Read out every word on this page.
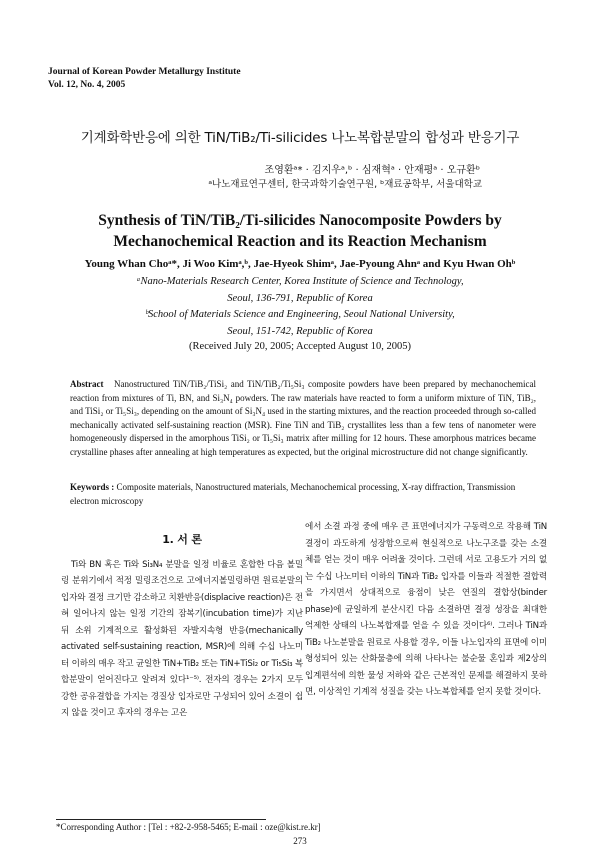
Journal of Korean Powder Metallurgy Institute
Vol. 12, No. 4, 2005
기계화학반응에 의한 TiN/TiB₂/Ti-silicides 나노복합분말의 합성과 반응기구
조영환ᵃ* · 김지우ᵃ,ᵇ · 심재혁ᵃ · 안재평ᵃ · 오규환ᵇ
ᵃ나노재료연구센터, 한국과학기술연구원, ᵇ재료공학부, 서울대학교
Synthesis of TiN/TiB₂/Ti-silicides Nanocomposite Powders by
Mechanochemical Reaction and its Reaction Mechanism
Young Whan Choᵃ*, Ji Woo Kimᵃ,ᵇ, Jae-Hyeok Shimᵃ, Jae-Pyoung Ahnᵃ and Kyu Hwan Ohᵇ
ᵃNano-Materials Research Center, Korea Institute of Science and Technology,
Seoul, 136-791, Republic of Korea
ᵇSchool of Materials Science and Engineering, Seoul National University,
Seoul, 151-742, Republic of Korea
(Received July 20, 2005; Accepted August 10, 2005)
Abstract Nanostructured TiN/TiB₂/TiSi₂ and TiN/TiB₂/Ti₅Si₃ composite powders have been prepared by mechanochemical reaction from mixtures of Ti, BN, and Si₃N₄ powders. The raw materials have reacted to form a uniform mixture of TiN, TiB₂, and TiSi₂ or Ti₅Si₃, depending on the amount of Si₃N₄ used in the starting mixtures, and the reaction proceeded through so-called mechanically activated self-sustaining reaction (MSR). Fine TiN and TiB₂ crystallites less than a few tens of nanometer were homogeneously dispersed in the amorphous TiSi₂ or Ti₅Si₃ matrix after milling for 12 hours. These amorphous matrices became crystalline phases after annealing at high temperatures as expected, but the original microstructure did not change significantly.
Keywords : Composite materials, Nanostructured materials, Mechanochemical processing, X-ray diffraction, Transmission electron microscopy
1. 서 론
Ti와 BN 혹은 Ti와 Si₃N₄ 분말을 일정 비율로 혼합한 다음 볼밀링 분위기에서 적정 밀링조건으로 고에너지볼밀링하면 원료분말의 입자와 결정 크기만 감소하고 치환반응(displacive reaction)은 전혀 일어나지 않는 일정 기간의 잠복기(incubation time)가 지난 뒤 소위 기계적으로 활성화된 자발지속형 반응(mechanically activated self-sustaining reaction, MSR)에 의해 수십 나노미터 이하의 매우 작고 균일한 TiN+TiB₂ 또는 TiN+TiSi₂ or Ti₅Si₃ 복합분말이 얻어진다고 알려져 있다¹⁻⁵⁾. 전자의 경우는 2가지 모두 강한 공유결합을 가지는 경질상 입자로만 구성되어 있어 소결이 쉽지 않을 것이고 후자의 경우는 고온
에서 소결 과정 중에 매우 큰 표면에너지가 구동력으로 작용해 TiN 결정이 과도하게 성장함으로써 현실적으로 나노구조를 갖는 소결체를 얻는 것이 매우 어려울 것이다. 그런데 서로 고용도가 거의 없는 수십 나노미터 이하의 TiN과 TiB₂ 입자를 이들과 적절한 결합력을 가지면서 상대적으로 융점이 낮은 연질의 결합상(binder phase)에 균일하게 분산시킨 다음 소결하면 결정 성장을 최대한 억제한 상태의 나노복합재를 얻을 수 있을 것이다⁶⁾. 그러나 TiN과 TiB₂ 나노분말을 원료로 사용할 경우, 이들 나노입자의 표면에 이미 형성되어 있는 산화물층에 의해 나타나는 불순물 혼입과 제2상의 입계편석에 의한 물성 저하와 같은 근본적인 문제를 해결하지 못하면, 이상적인 기계적 성질을 갖는 나노복합체를 얻지 못할 것이다.
*Corresponding Author : [Tel : +82-2-958-5465; E-mail : oze@kist.re.kr]
273
